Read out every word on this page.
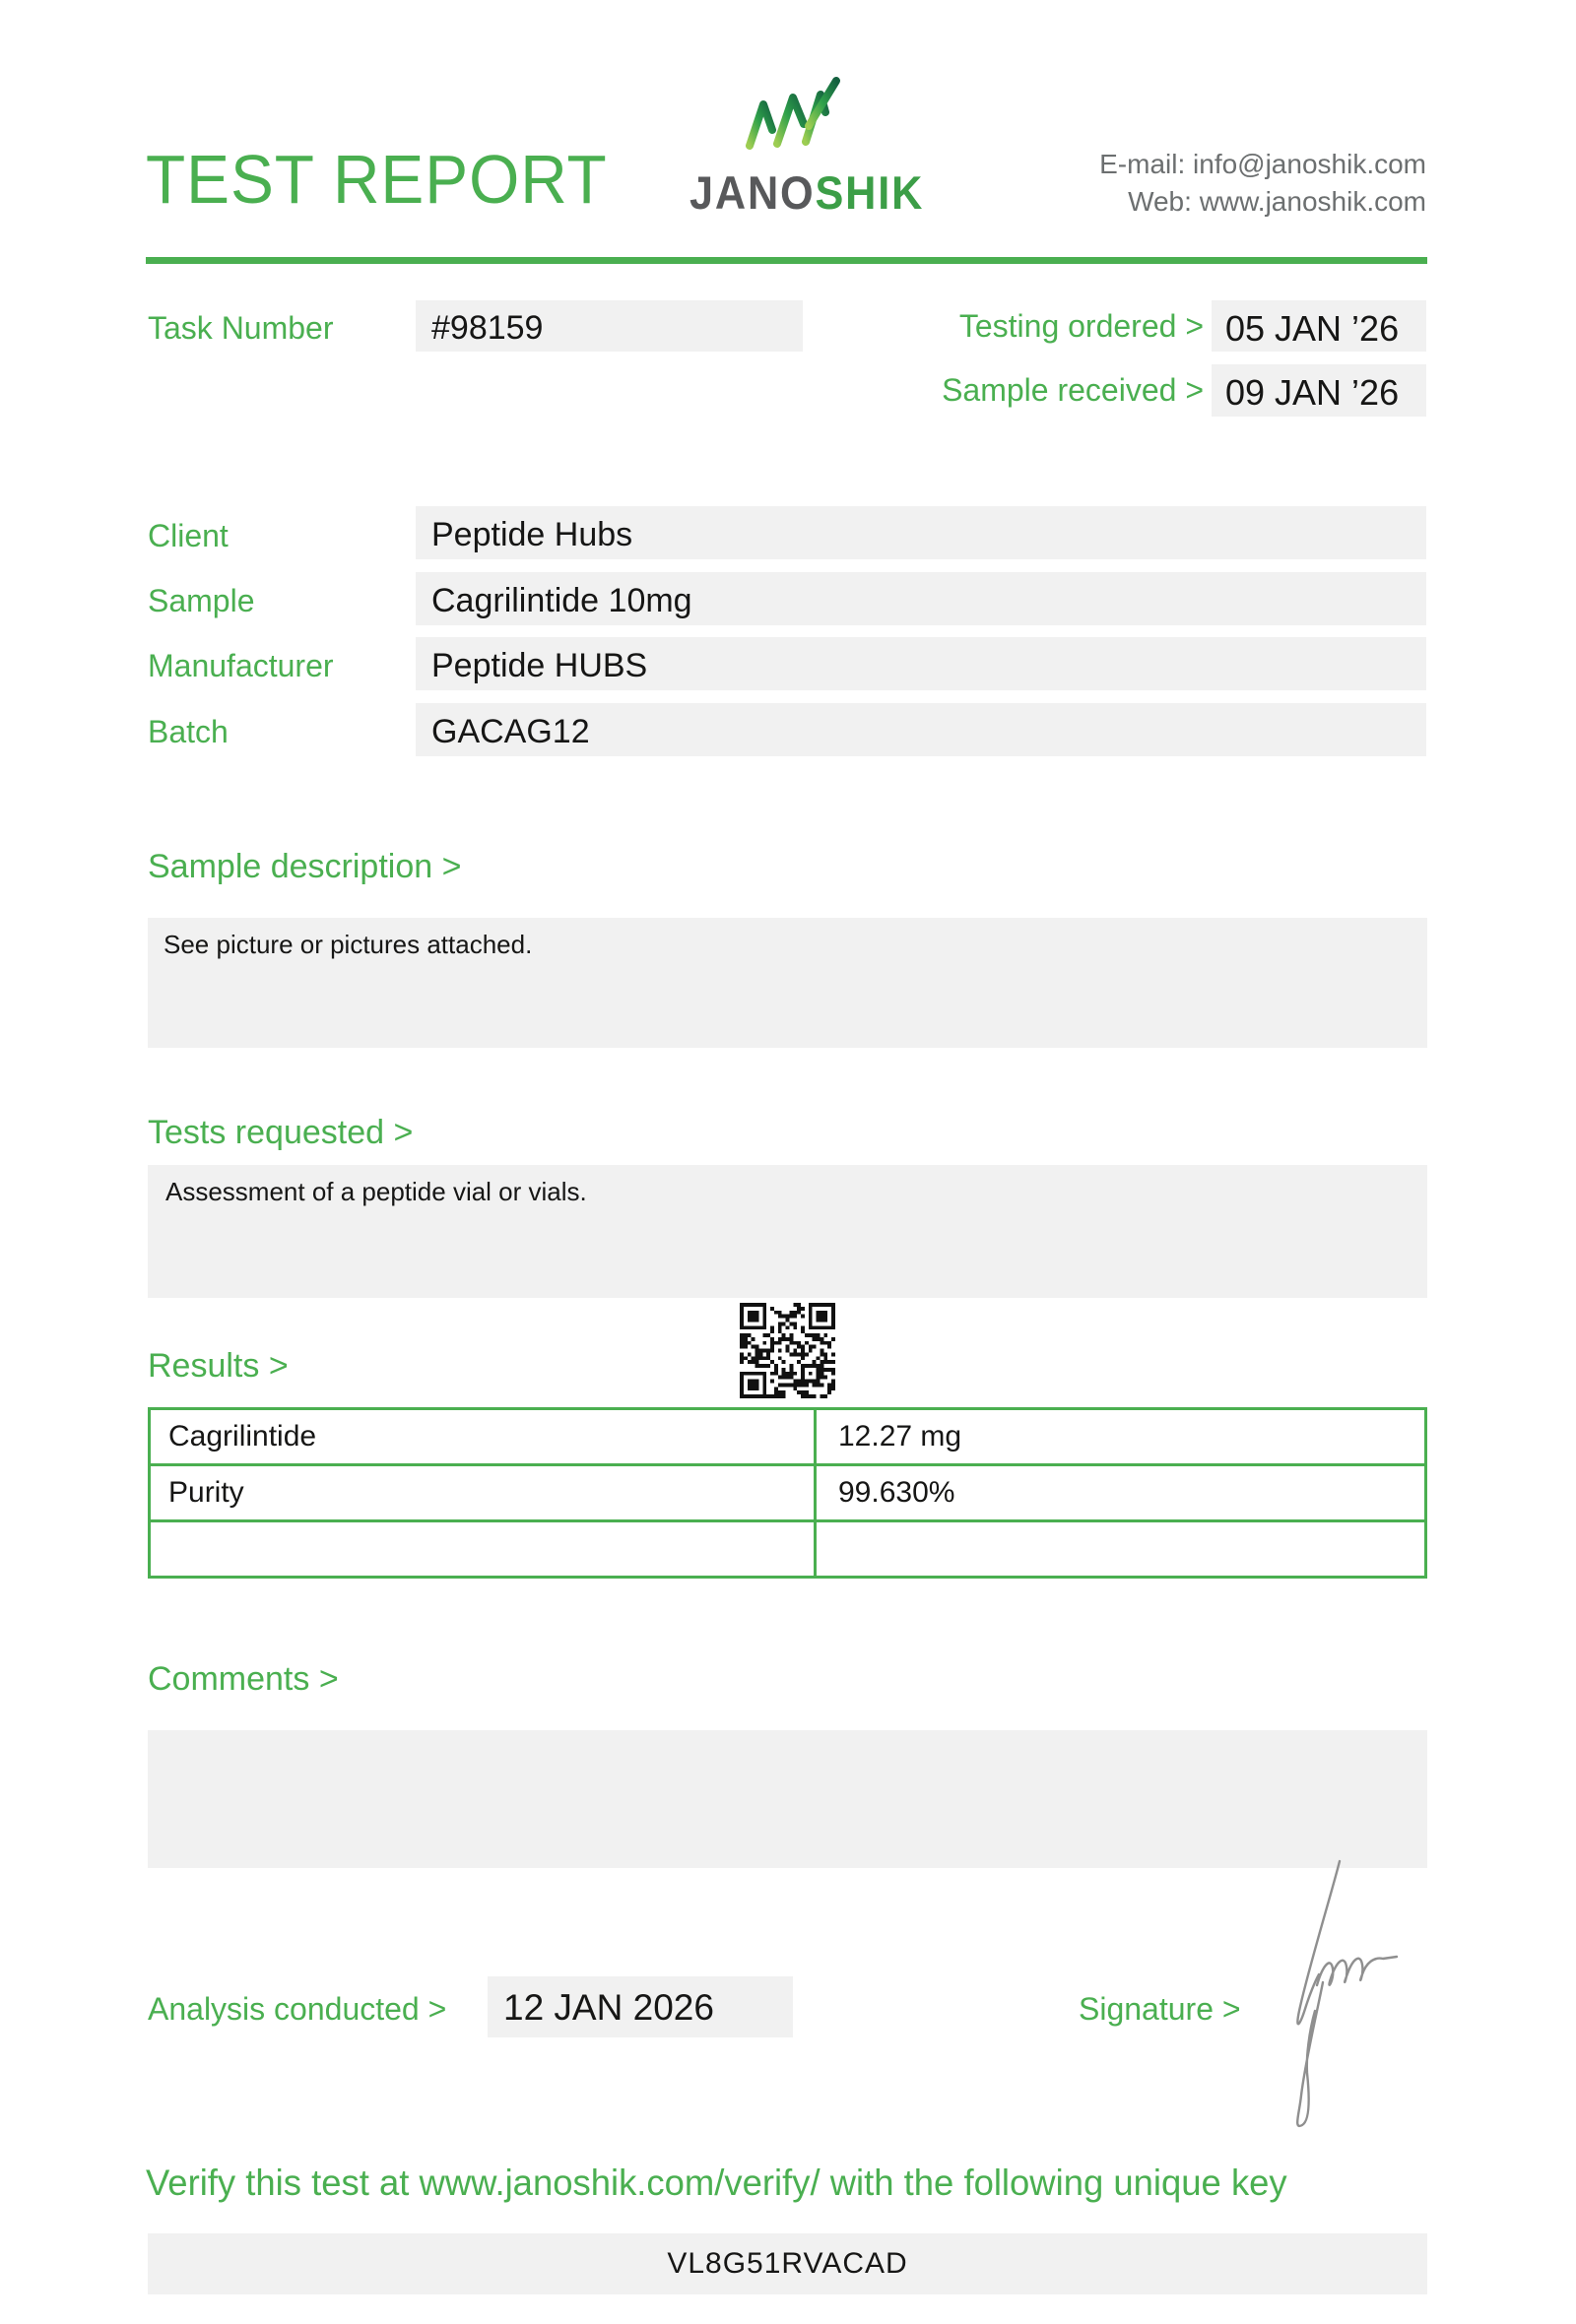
TEST REPORT JANOSHIK
E-mail: info@janoshik.com
Web: www.janoshik.com
Task Number	#98159	Testing ordered > 05 JAN ’26
Sample received > 09 JAN ’26
Client	Peptide Hubs
Sample	Cagrilintide 10mg
Manufacturer	Peptide HUBS
Batch	GACAG12
Sample description >
See picture or pictures attached.
Tests requested >
Assessment of a peptide vial or vials.
Results >
Cagrilintide	12.27 mg
Purity	99.630%

Comments >
Analysis conducted > 12 JAN 2026	Signature >
Verify this test at www.janoshik.com/verify/ with the following unique key
VL8G51RVACAD
